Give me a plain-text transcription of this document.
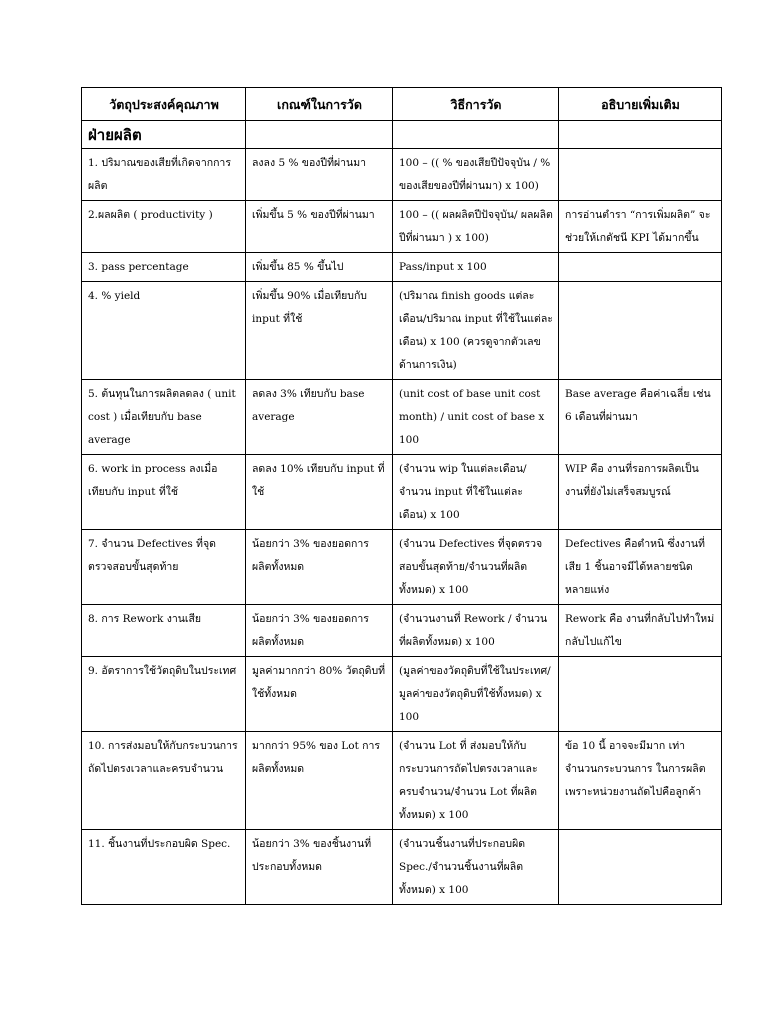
วัตถุประสงค์คุณภาพ	เกณฑ์ในการวัด	วิธีการวัด	อธิบายเพิ่มเติม
ฝ่ายผลิต			
1. ปริมาณของเสียที่เกิดจากการผลิต	ลงลง 5 % ของปีที่ผ่านมา	100 – (( % ของเสียปีปัจจุบัน / % ของเสียของปีที่ผ่านมา) x 100)	
2.ผลผลิต ( productivity )	เพิ่มขึ้น 5 % ของปีที่ผ่านมา	100 – (( ผลผลิตปีปัจจุบัน/ ผลผลิตปีที่ผ่านมา ) x 100)	การอ่านตำรา “การเพิ่มผลิต” จะช่วยให้เกดัชนี KPI ได้มากขึ้น
3. pass percentage	เพิ่มขึ้น 85 % ขึ้นไป	Pass/input x 100	
4. % yield	เพิ่มขึ้น 90% เมื่อเทียบกับ input ที่ใช้	(ปริมาณ finish goods แต่ละเดือน/ปริมาณ input ที่ใช้ในแต่ละ เดือน) x 100 (ควรดูจากตัวเลขด้านการเงิน)	
5. ต้นทุนในการผลิตลดลง ( unit cost ) เมื่อเทียบกับ base average	ลดลง 3% เทียบกับ base average	(unit cost of base unit cost month) / unit cost of base x 100	Base average คือค่าเฉลี่ย เช่น 6 เดือนที่ผ่านมา
6. work in process ลงเมื่อเทียบกับ input ที่ใช้	ลดลง 10% เทียบกับ input ที่ใช้	(จำนวน wip ในแต่ละเดือน/ จำนวน input ที่ใช้ในแต่ละ เดือน) x 100	WIP คือ งานที่รอการผลิตเป็นงานที่ยังไม่เสร็จสมบูรณ์
7. จำนวน Defectives ที่จุดตรวจสอบขั้นสุดท้าย	น้อยกว่า 3% ของยอดการผลิตทั้งหมด	(จำนวน Defectives ที่จุดตรวจสอบขั้นสุดท้าย/จำนวนที่ผลิตทั้งหมด) x 100	Defectives คือตำหนิ ซึ่งงานที่เสีย 1 ชิ้นอาจมีได้หลายชนิดหลายแห่ง
8. การ Rework งานเสีย	น้อยกว่า 3% ของยอดการผลิตทั้งหมด	(จำนวนงานที่ Rework / จำนวนที่ผลิตทั้งหมด) x 100	Rework คือ งานที่กลับไปทำใหม่ กลับไปแก้ไข
9. อัตราการใช้วัตถุดิบในประเทศ	มูลค่ามากกว่า 80% วัตถุดิบที่ใช้ทั้งหมด	(มูลค่าของวัตถุดิบที่ใช้ในประเทศ/มูลค่าของวัตถุดิบที่ใช้ทั้งหมด) x 100	
10. การส่งมอบให้กับกระบวนการถัดไปตรงเวลาและครบจำนวน	มากกว่า 95% ของ Lot การผลิตทั้งหมด	(จำนวน Lot ที่ ส่งมอบให้กับกระบวนการถัดไปตรงเวลาและครบจำนวน/จำนวน Lot ที่ผลิตทั้งหมด) x 100	ข้อ 10 นี้ อาจจะมีมาก เท่าจำนวนกระบวนการ ในการผลิตเพราะหน่วยงานถัดไปคือลูกค้า
11. ชิ้นงานที่ประกอบผิด Spec.	น้อยกว่า 3% ของชิ้นงานที่ประกอบทั้งหมด	(จำนวนชิ้นงานที่ประกอบผิด Spec./จำนวนชิ้นงานที่ผลิตทั้งหมด) x 100	
